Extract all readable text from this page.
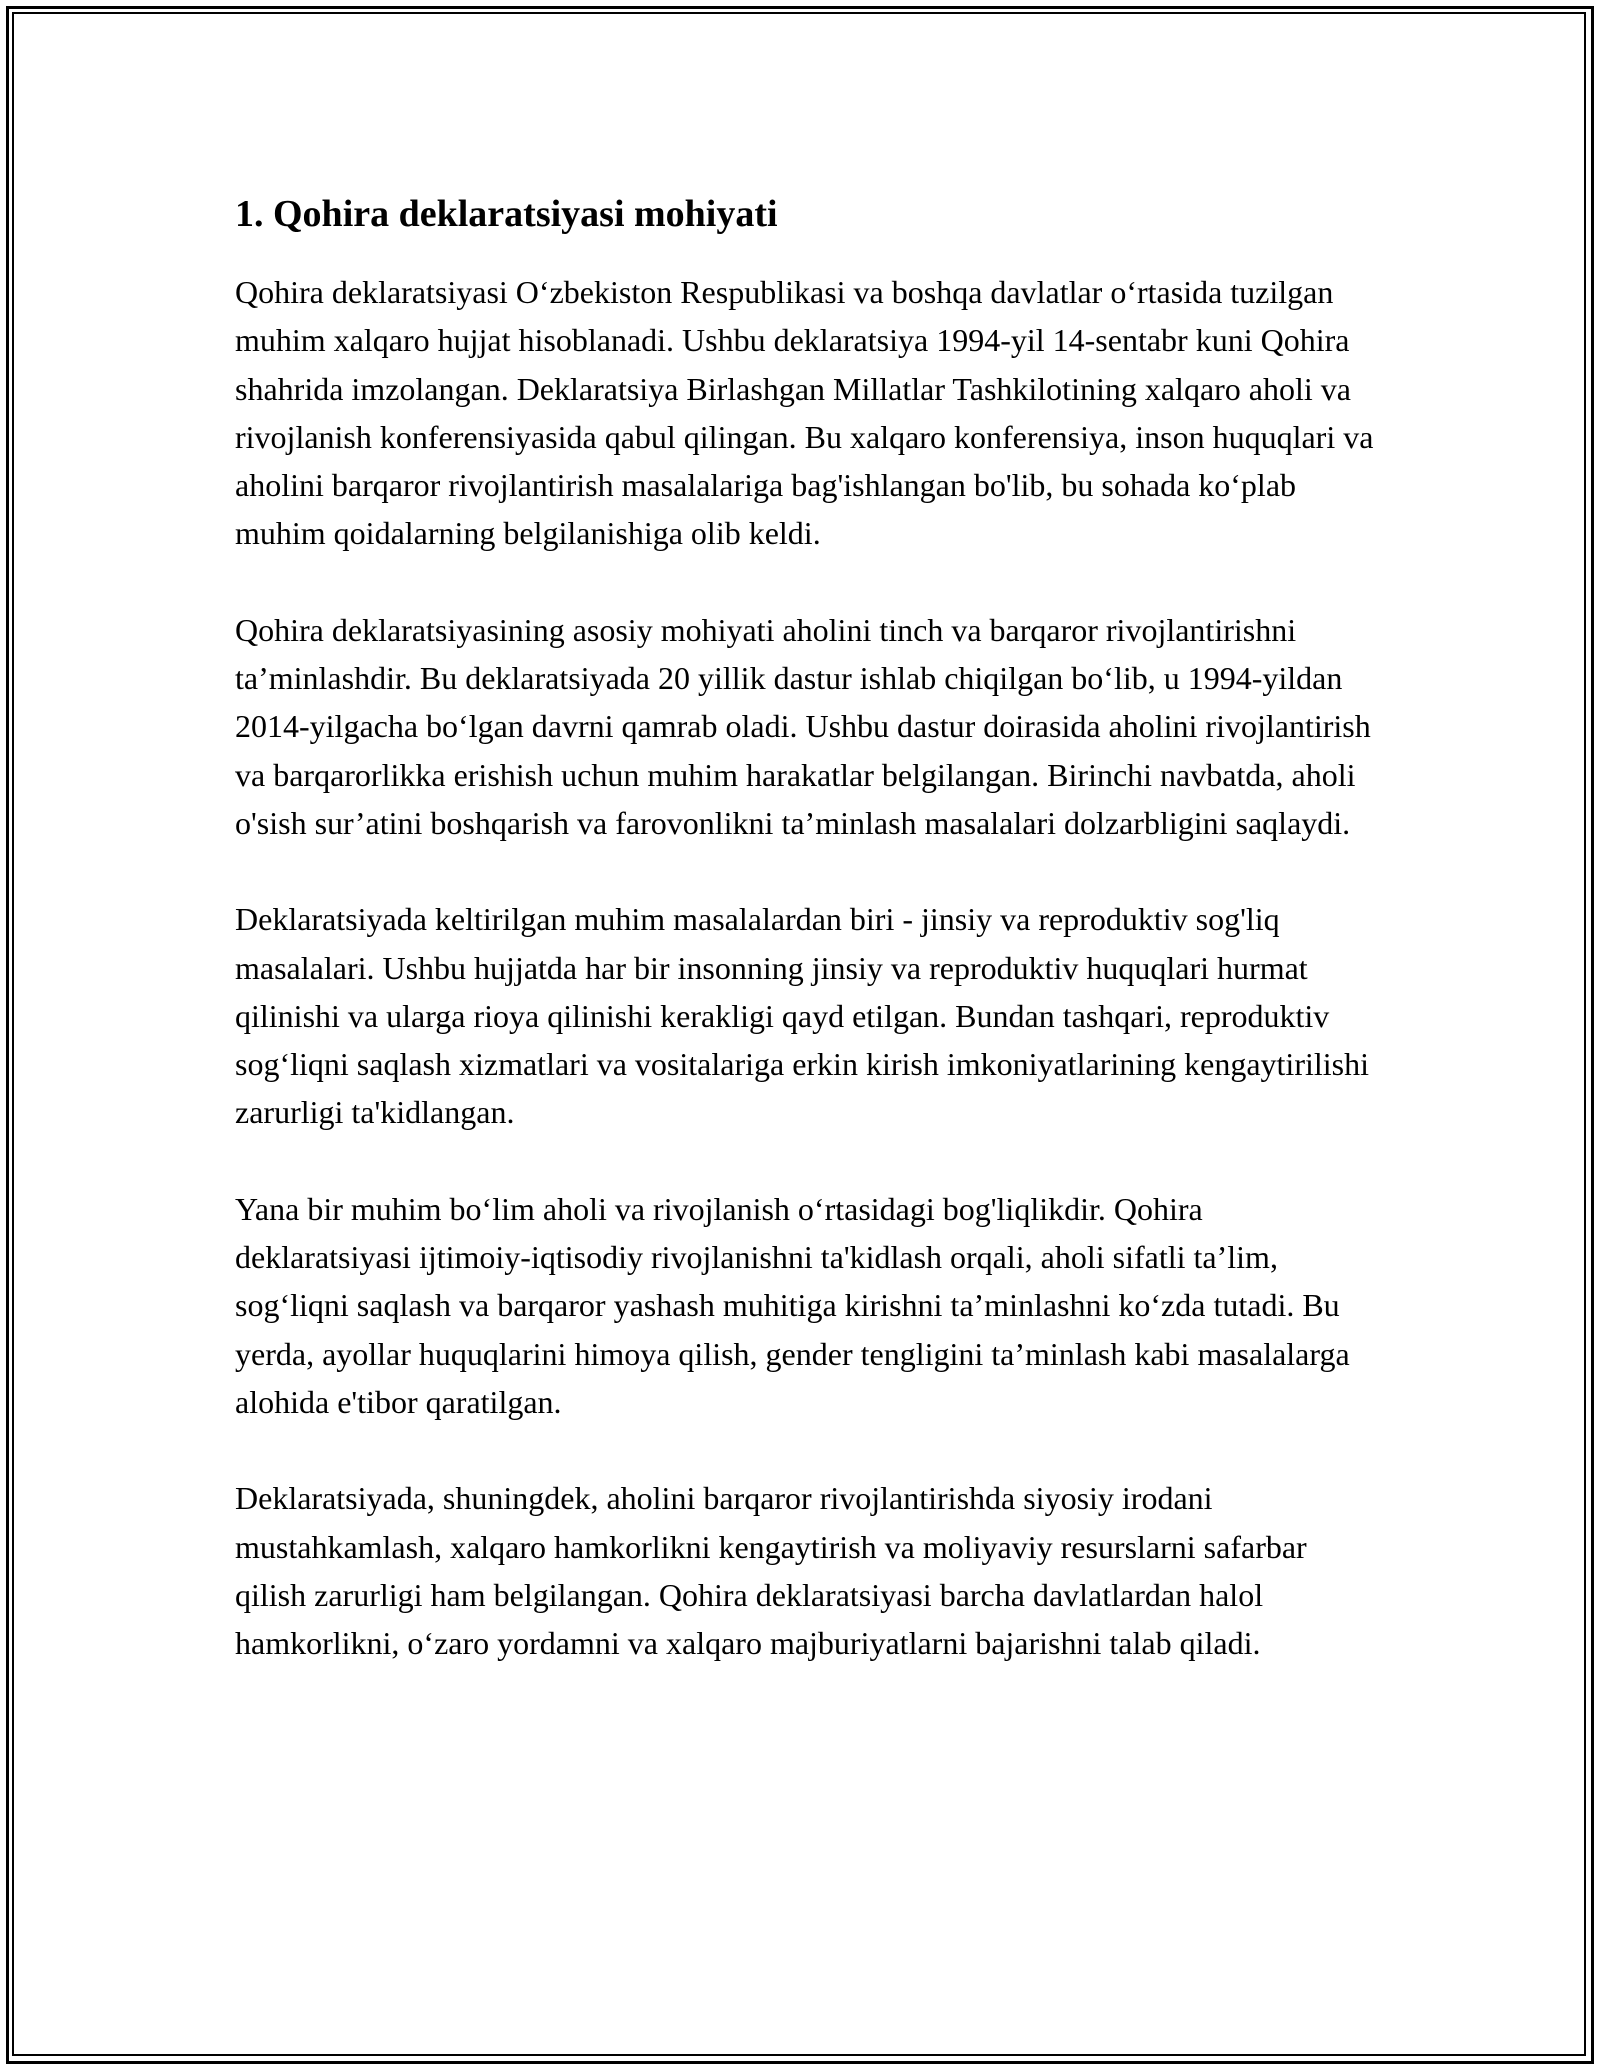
1. Qohira deklaratsiyasi mohiyati

Qohira deklaratsiyasi O‘zbekiston Respublikasi va boshqa davlatlar o‘rtasida tuzilgan muhim xalqaro hujjat hisoblanadi. Ushbu deklaratsiya 1994-yil 14-sentabr kuni Qohira shahrida imzolangan. Deklaratsiya Birlashgan Millatlar Tashkilotining xalqaro aholi va rivojlanish konferensiyasida qabul qilingan. Bu xalqaro konferensiya, inson huquqlari va aholini barqaror rivojlantirish masalalariga bag'ishlangan bo'lib, bu sohada ko‘plab muhim qoidalarning belgilanishiga olib keldi.

Qohira deklaratsiyasining asosiy mohiyati aholini tinch va barqaror rivojlantirishni ta’minlashdir. Bu deklaratsiyada 20 yillik dastur ishlab chiqilgan bo‘lib, u 1994-yildan 2014-yilgacha bo‘lgan davrni qamrab oladi. Ushbu dastur doirasida aholini rivojlantirish va barqarorlikka erishish uchun muhim harakatlar belgilangan. Birinchi navbatda, aholi o'sish sur’atini boshqarish va farovonlikni ta’minlash masalalari dolzarbligini saqlaydi.

Deklaratsiyada keltirilgan muhim masalalardan biri - jinsiy va reproduktiv sog'liq masalalari. Ushbu hujjatda har bir insonning jinsiy va reproduktiv huquqlari hurmat qilinishi va ularga rioya qilinishi kerakligi qayd etilgan. Bundan tashqari, reproduktiv sog‘liqni saqlash xizmatlari va vositalariga erkin kirish imkoniyatlarining kengaytirilishi zarurligi ta'kidlangan.

Yana bir muhim bo‘lim aholi va rivojlanish o‘rtasidagi bog'liqlikdir. Qohira deklaratsiyasi ijtimoiy-iqtisodiy rivojlanishni ta'kidlash orqali, aholi sifatli ta’lim, sog‘liqni saqlash va barqaror yashash muhitiga kirishni ta’minlashni ko‘zda tutadi. Bu yerda, ayollar huquqlarini himoya qilish, gender tengligini ta’minlash kabi masalalarga alohida e'tibor qaratilgan.

Deklaratsiyada, shuningdek, aholini barqaror rivojlantirishda siyosiy irodani mustahkamlash, xalqaro hamkorlikni kengaytirish va moliyaviy resurslarni safarbar qilish zarurligi ham belgilangan. Qohira deklaratsiyasi barcha davlatlardan halol hamkorlikni, o‘zaro yordamni va xalqaro majburiyatlarni bajarishni talab qiladi.
